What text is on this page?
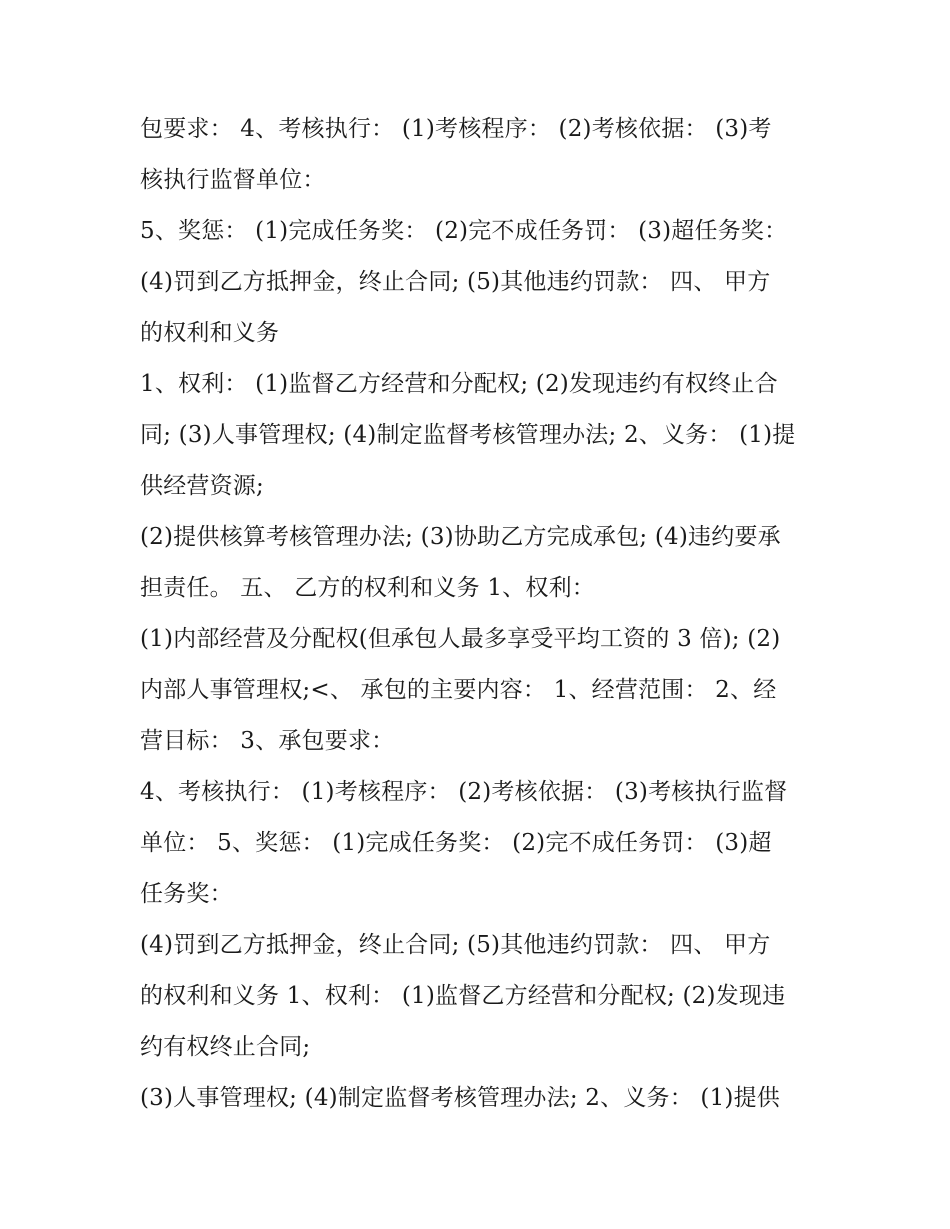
包要求： 4、考核执行： (1)考核程序： (2)考核依据： (3)考
核执行监督单位：
5、奖惩： (1)完成任务奖： (2)完不成任务罚： (3)超任务奖：
(4)罚到乙方抵押金，终止合同; (5)其他违约罚款： 四、 甲方
的权利和义务
1、权利： (1)监督乙方经营和分配权; (2)发现违约有权终止合
同; (3)人事管理权; (4)制定监督考核管理办法; 2、义务： (1)提
供经营资源;
(2)提供核算考核管理办法; (3)协助乙方完成承包; (4)违约要承
担责任。 五、 乙方的权利和义务 1、权利：
(1)内部经营及分配权(但承包人最多享受平均工资的 3 倍); (2)
内部人事管理权;<、 承包的主要内容： 1、经营范围： 2、经
营目标： 3、承包要求：
4、考核执行： (1)考核程序： (2)考核依据： (3)考核执行监督
单位： 5、奖惩： (1)完成任务奖： (2)完不成任务罚： (3)超
任务奖：
(4)罚到乙方抵押金，终止合同; (5)其他违约罚款： 四、 甲方
的权利和义务 1、权利： (1)监督乙方经营和分配权; (2)发现违
约有权终止合同;
(3)人事管理权; (4)制定监督考核管理办法; 2、义务： (1)提供
